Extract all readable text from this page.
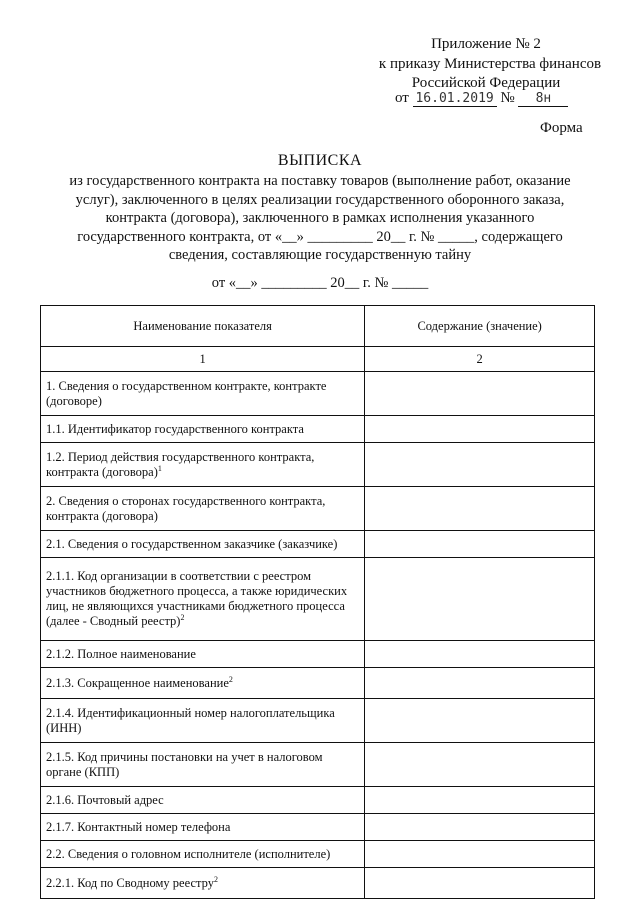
Приложение № 2
к приказу Министерства финансов
Российской Федерации
от 16.01.2019 № 8н
Форма
ВЫПИСКА
из государственного контракта на поставку товаров (выполнение работ, оказание услуг), заключенного в целях реализации государственного оборонного заказа, контракта (договора), заключенного в рамках исполнения указанного государственного контракта, от «__» _________ 20__ г. № _____, содержащего сведения, составляющие государственную тайну
от «__» _________ 20__ г. № _____
Наименование показателя	Содержание (значение)
1	2
1. Сведения о государственном контракте, контракте (договоре)	
1.1. Идентификатор государственного контракта	
1.2. Период действия государственного контракта, контракта (договора)$^1$	
2. Сведения о сторонах государственного контракта, контракта (договора)	
2.1. Сведения о государственном заказчике (заказчике)	
2.1.1. Код организации в соответствии с реестром участников бюджетного процесса, а также юридических лиц, не являющихся участниками бюджетного процесса (далее - Сводный реестр)$^2$	
2.1.2. Полное наименование	
2.1.3. Сокращенное наименование$^2$	
2.1.4. Идентификационный номер налогоплательщика (ИНН)	
2.1.5. Код причины постановки на учет в налоговом органе (КПП)	
2.1.6. Почтовый адрес	
2.1.7. Контактный номер телефона	
2.2. Сведения о головном исполнителе (исполнителе)	
2.2.1. Код по Сводному реестру$^2$	
